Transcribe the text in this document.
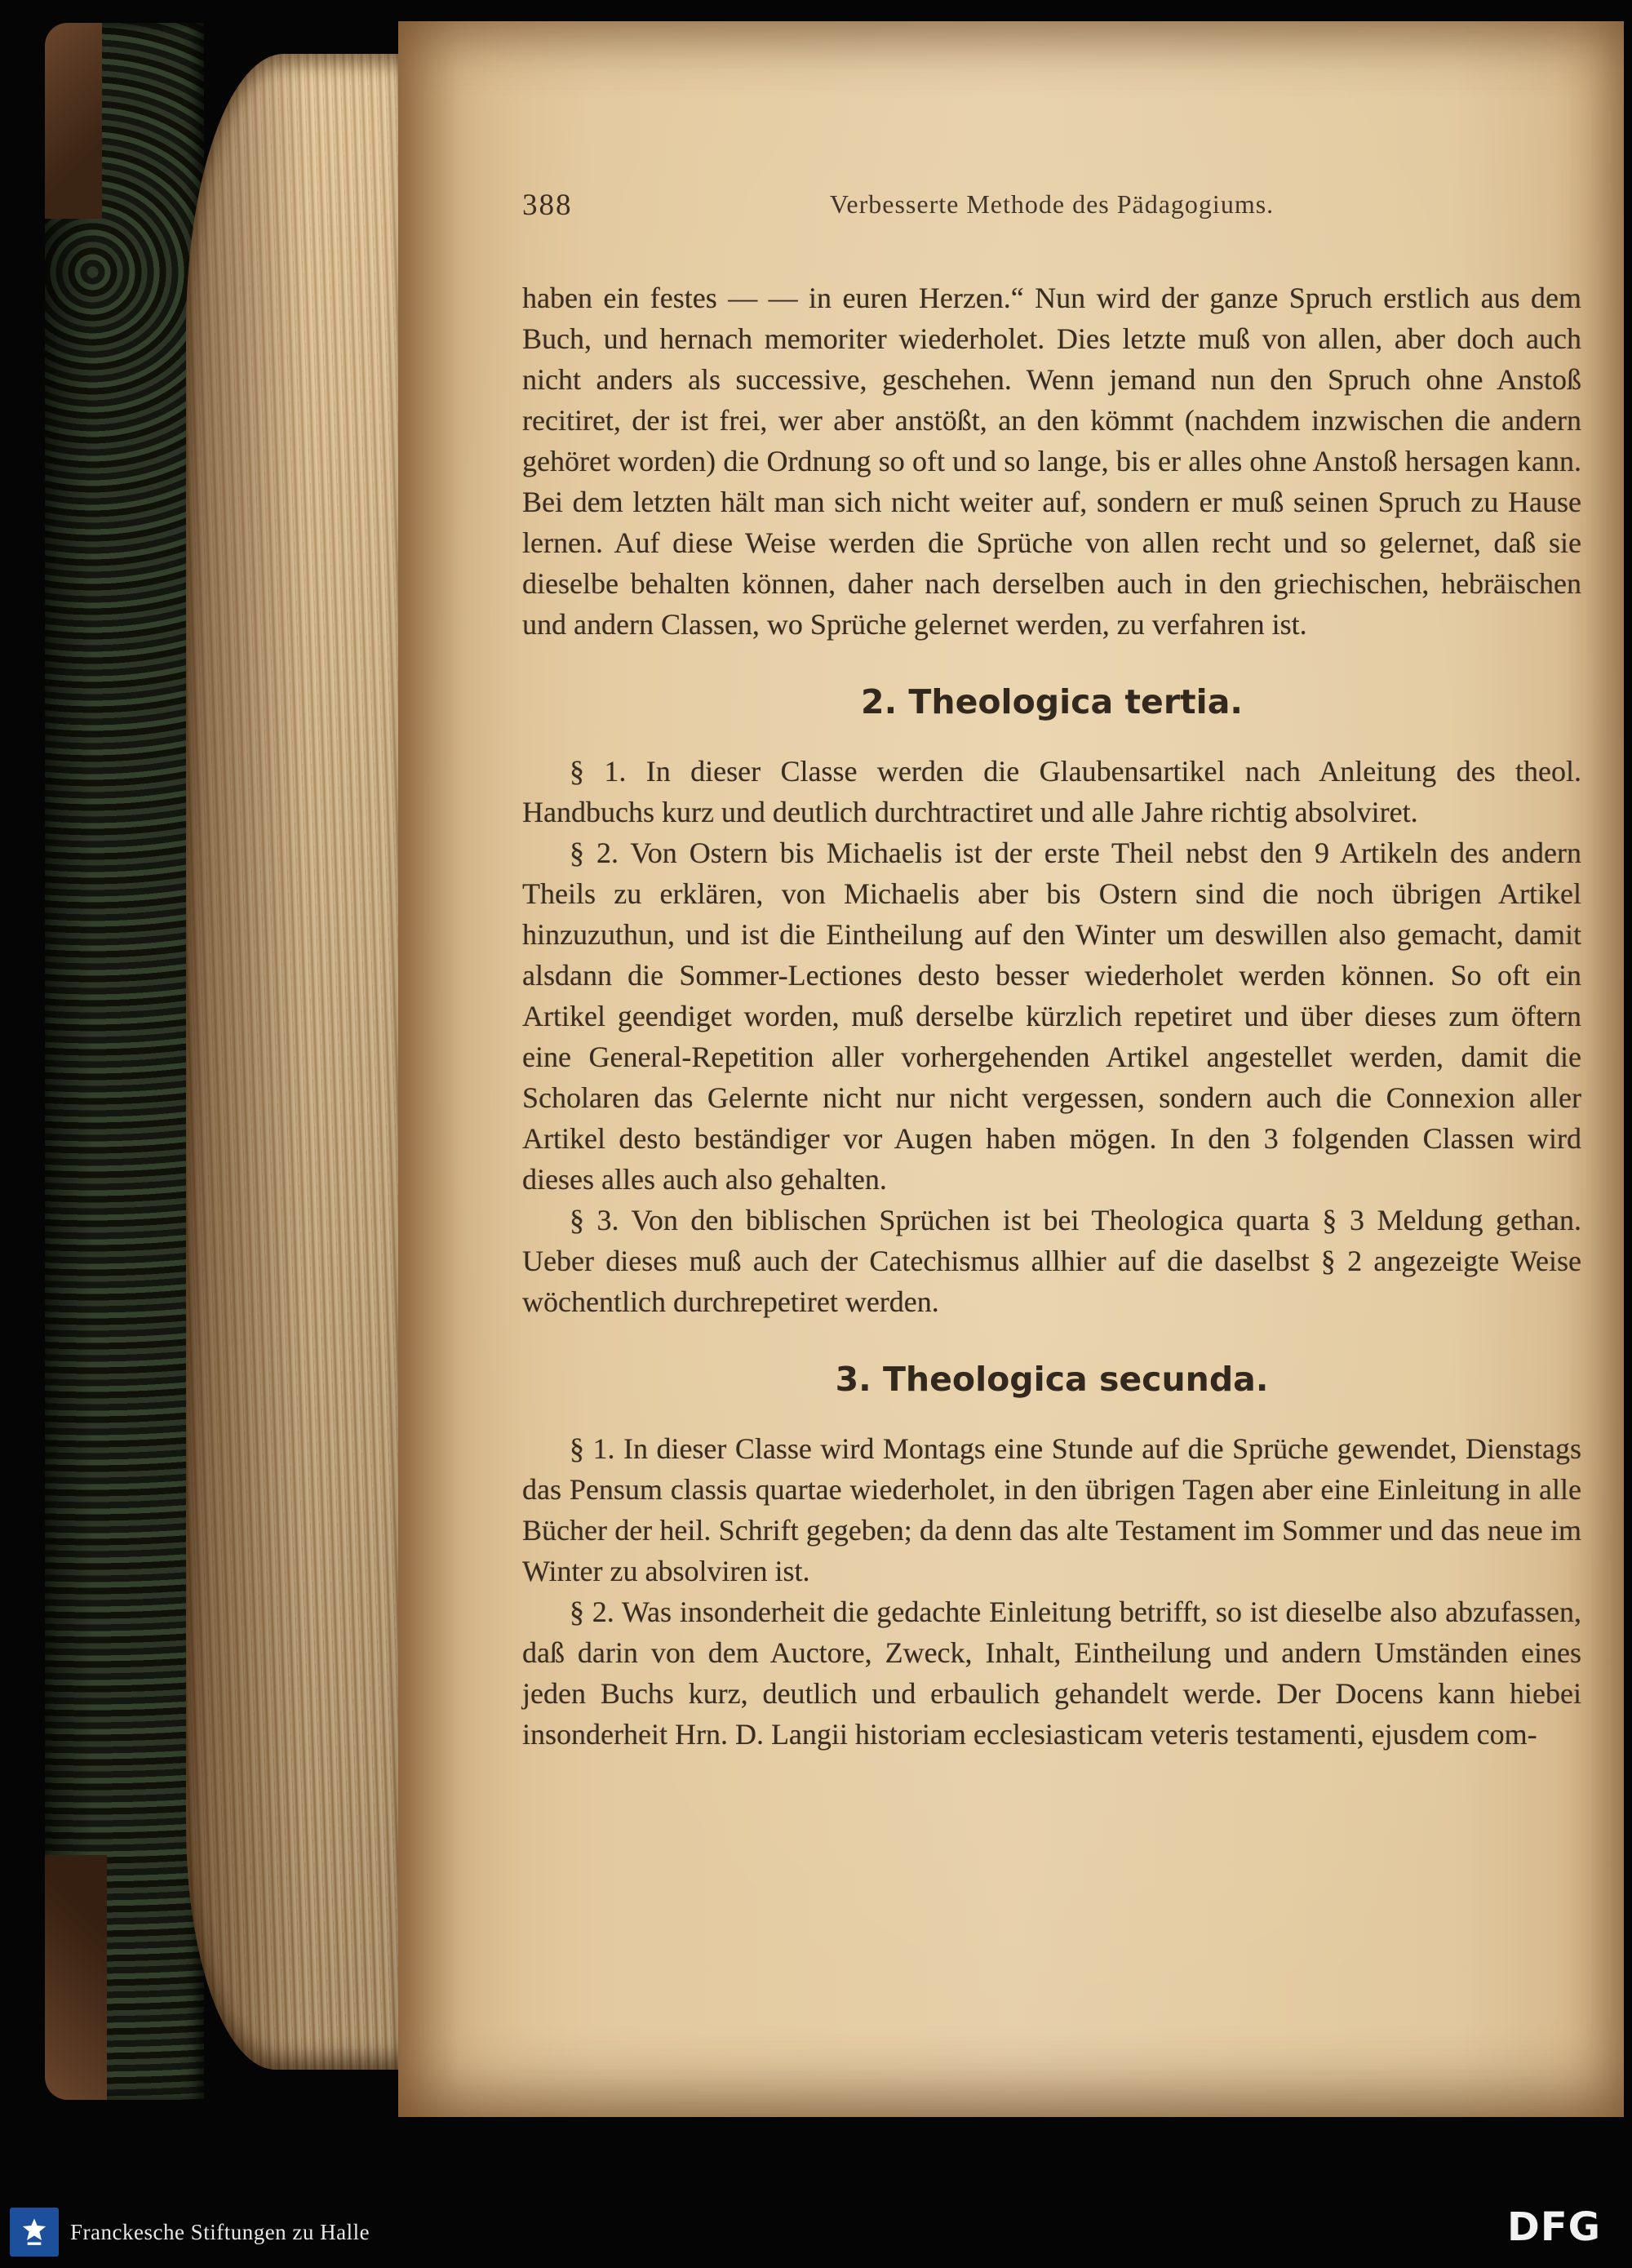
388	Verbesserte Methode des Pädagogiums.

haben ein festes — — in euren Herzen.“ Nun wird der ganze Spruch erstlich aus dem Buch, und hernach memoriter wiederholet. Dies letzte muß von allen, aber doch auch nicht anders als successive, geschehen. Wenn jemand nun den Spruch ohne Anstoß recitiret, der ist frei, wer aber anstößt, an den kömmt (nachdem inzwischen die andern gehöret worden) die Ordnung so oft und so lange, bis er alles ohne Anstoß hersagen kann. Bei dem letzten hält man sich nicht weiter auf, sondern er muß seinen Spruch zu Hause lernen. Auf diese Weise werden die Sprüche von allen recht und so gelernet, daß sie dieselbe behalten können, daher nach derselben auch in den griechischen, hebräischen und andern Classen, wo Sprüche gelernet werden, zu verfahren ist.

2. Theologica tertia.

§ 1. In dieser Classe werden die Glaubensartikel nach Anleitung des theol. Handbuchs kurz und deutlich durchtractiret und alle Jahre richtig absolviret.

§ 2. Von Ostern bis Michaelis ist der erste Theil nebst den 9 Artikeln des andern Theils zu erklären, von Michaelis aber bis Ostern sind die noch übrigen Artikel hinzuzuthun, und ist die Eintheilung auf den Winter um deswillen also gemacht, damit alsdann die Sommer-Lectiones desto besser wiederholet werden können. So oft ein Artikel geendiget worden, muß derselbe kürzlich repetiret und über dieses zum öftern eine General-Repetition aller vorhergehenden Artikel angestellet werden, damit die Scholaren das Gelernte nicht nur nicht vergessen, sondern auch die Connexion aller Artikel desto beständiger vor Augen haben mögen. In den 3 folgenden Classen wird dieses alles auch also gehalten.

§ 3. Von den biblischen Sprüchen ist bei Theologica quarta § 3 Meldung gethan. Ueber dieses muß auch der Catechismus allhier auf die daselbst § 2 angezeigte Weise wöchentlich durchrepetiret werden.

3. Theologica secunda.

§ 1. In dieser Classe wird Montags eine Stunde auf die Sprüche gewendet, Dienstags das Pensum classis quartae wiederholet, in den übrigen Tagen aber eine Einleitung in alle Bücher der heil. Schrift gegeben; da denn das alte Testament im Sommer und das neue im Winter zu absolviren ist.

§ 2. Was insonderheit die gedachte Einleitung betrifft, so ist dieselbe also abzufassen, daß darin von dem Auctore, Zweck, Inhalt, Eintheilung und andern Umständen eines jeden Buchs kurz, deutlich und erbaulich gehandelt werde. Der Docens kann hiebei insonderheit Hrn. D. Langii historiam ecclesiasticam veteris testamenti, ejusdem com-

Franckesche Stiftungen zu Halle	DFG
